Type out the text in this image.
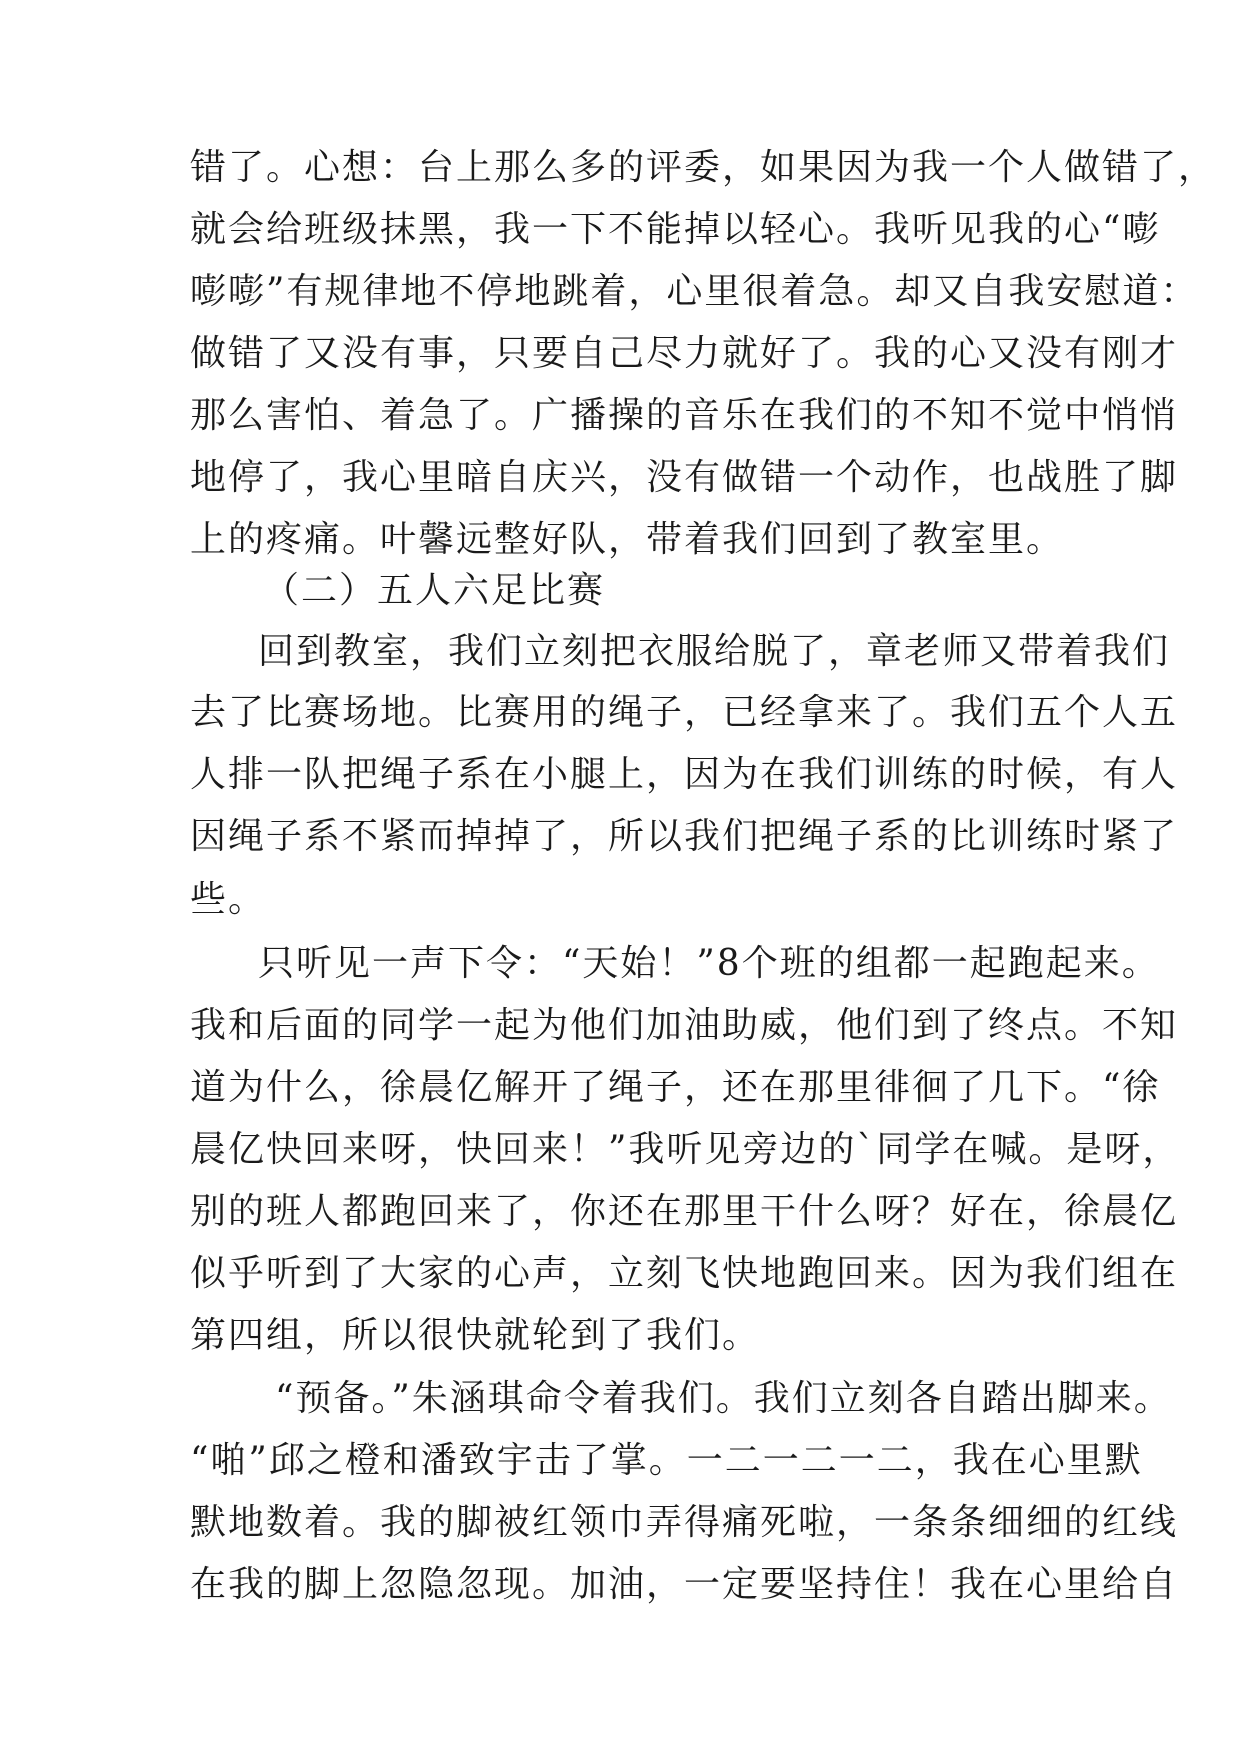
错了。心想：台上那么多的评委，如果因为我一个人做错了，

就会给班级抹黑，我一下不能掉以轻心。我听见我的心“嘭

嘭嘭”有规律地不停地跳着，心里很着急。却又自我安慰道：

做错了又没有事，只要自己尽力就好了。我的心又没有刚才

那么害怕、着急了。广播操的音乐在我们的不知不觉中悄悄

地停了，我心里暗自庆兴，没有做错一个动作，也战胜了脚

上的疼痛。叶馨远整好队，带着我们回到了教室里。

（二）五人六足比赛

回到教室，我们立刻把衣服给脱了，章老师又带着我们

去了比赛场地。比赛用的绳子，已经拿来了。我们五个人五

人排一队把绳子系在小腿上，因为在我们训练的时候，有人

因绳子系不紧而掉掉了，所以我们把绳子系的比训练时紧了

些。

只听见一声下令：“天始！”8个班的组都一起跑起来。

我和后面的同学一起为他们加油助威，他们到了终点。不知

道为什么，徐晨亿解开了绳子，还在那里徘徊了几下。“徐

晨亿快回来呀，快回来！”我听见旁边的`同学在喊。是呀，

别的班人都跑回来了，你还在那里干什么呀？好在，徐晨亿

似乎听到了大家的心声，立刻飞快地跑回来。因为我们组在

第四组，所以很快就轮到了我们。

“预备。”朱涵琪命令着我们。我们立刻各自踏出脚来。

“啪”邱之橙和潘致宇击了掌。一二一二一二，我在心里默

默地数着。我的脚被红领巾弄得痛死啦，一条条细细的红线

在我的脚上忽隐忽现。加油，一定要坚持住！我在心里给自
